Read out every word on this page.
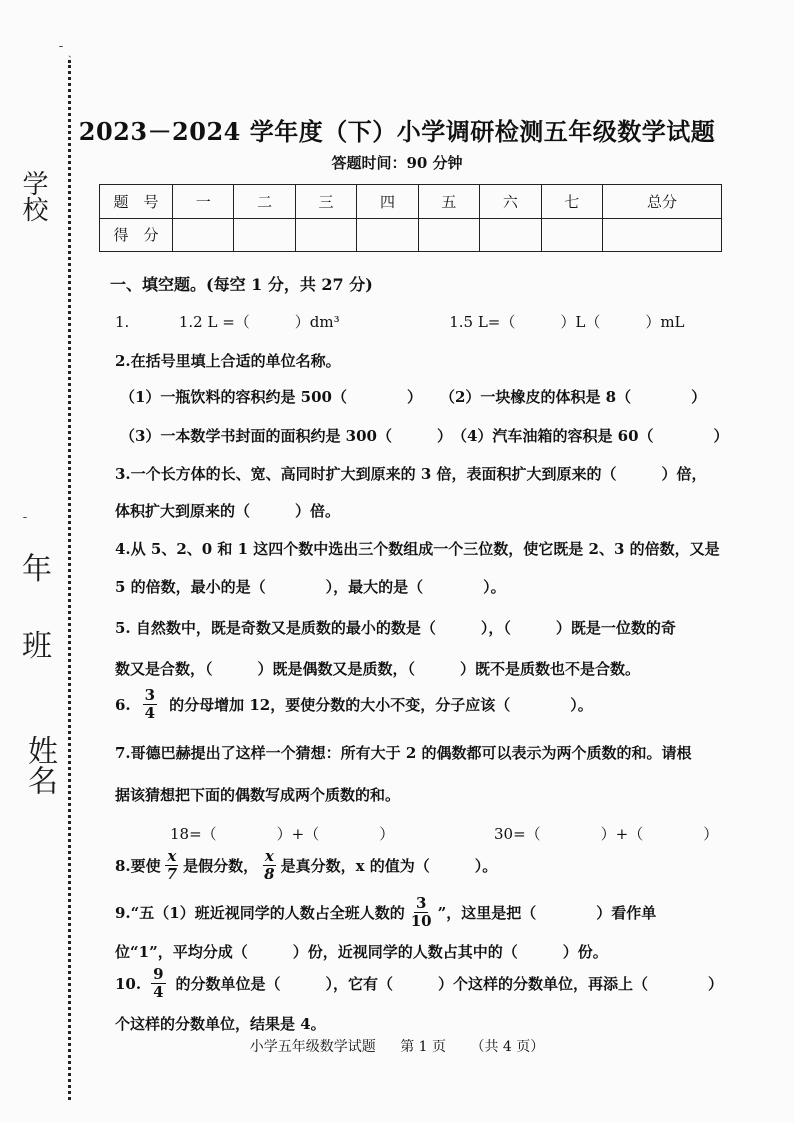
ˉ ˎ
学校
ˉ
年
班
姓名
2023－2024 学年度（下）小学调研检测五年级数学试题
答题时间：90 分钟
题　号	一	二	三	四	五	六	七	总分
得　分								
一、填空题。(每空 1 分，共 27 分)
1.	1.2 L =（　　　）dm³	1.5 L=（　　　）L（　　　）mL
2.在括号里填上合适的单位名称。
（1）一瓶饮料的容积约是 500（　　　　） （2）一块橡皮的体积是 8（　　　　）
（3）一本数学书封面的面积约是 300（　　　） （4）汽车油箱的容积是 60（　　　　）
3.一个长方体的长、宽、高同时扩大到原来的 3 倍，表面积扩大到原来的（　　　）倍，
体积扩大到原来的（　　　）倍。
4.从 5、2、0 和 1 这四个数中选出三个数组成一个三位数，使它既是 2、3 的倍数，又是
5 的倍数，最小的是（　　　　），最大的是（　　　　）。
5. 自然数中，既是奇数又是质数的最小的数是（　　　），（　　　）既是一位数的奇
数又是合数，（　　　）既是偶数又是质数，（　　　）既不是质数也不是合数。
6. $\frac{3}{4}$ 的分母增加 12，要使分数的大小不变，分子应该（　　　　）。
7.哥德巴赫提出了这样一个猜想：所有大于 2 的偶数都可以表示为两个质数的和。请根
据该猜想把下面的偶数写成两个质数的和。
18=（　　　　）+（　　　　）	30=（　　　　）+（　　　　）
8.要使 $\frac{x}{7}$ 是假分数， $\frac{x}{8}$ 是真分数，x 的值为（　　　）。
9.“五（1）班近视同学的人数占全班人数的 $\frac{3}{10}$ ”，这里是把（　　　　）看作单
位“1”，平均分成（　　　）份，近视同学的人数占其中的（　　　）份。
10. $\frac{9}{4}$ 的分数单位是（　　　），它有（　　　）个这样的分数单位，再添上（　　　　）
个这样的分数单位，结果是 4。
小学五年级数学试题 第 1 页 （共 4 页）
